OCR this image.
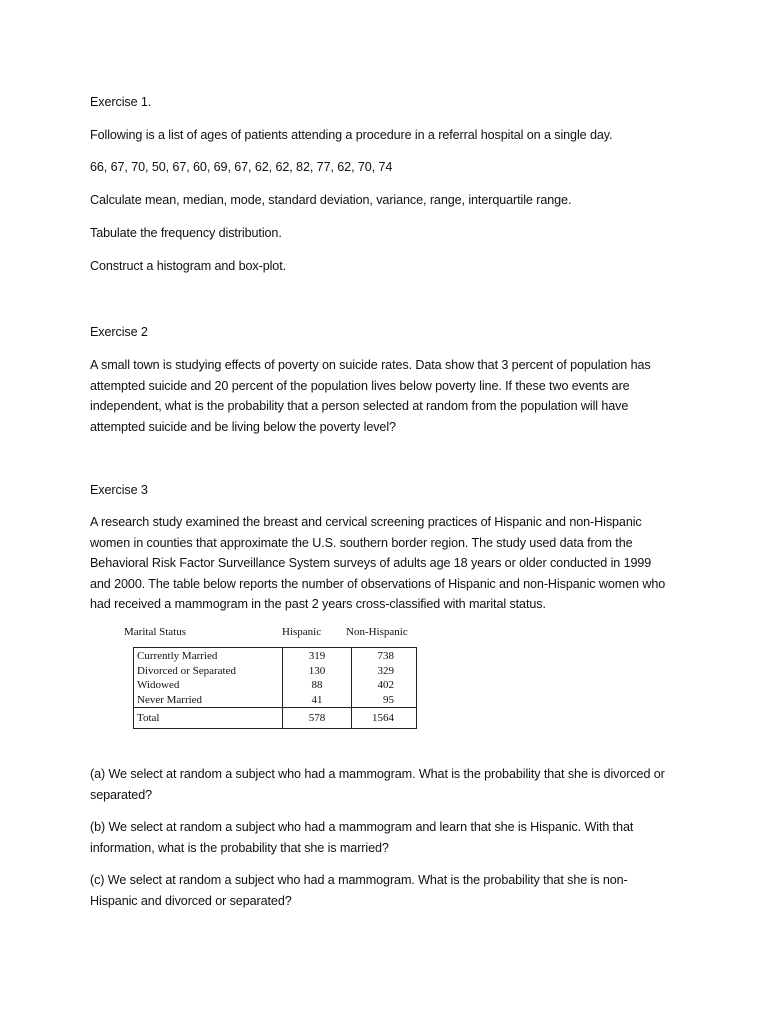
Exercise 1.

Following is a list of ages of patients attending a procedure in a referral hospital on a single day.

66, 67, 70, 50, 67, 60, 69, 67, 62, 62, 82, 77, 62, 70, 74

Calculate mean, median, mode, standard deviation, variance, range, interquartile range.

Tabulate the frequency distribution.

Construct a histogram and box-plot.

Exercise 2

A small town is studying effects of poverty on suicide rates. Data show that 3 percent of population has attempted suicide and 20 percent of the population lives below poverty line. If these two events are independent, what is the probability that a person selected at random from the population will have attempted suicide and be living below the poverty level?

Exercise 3

A research study examined the breast and cervical screening practices of Hispanic and non-Hispanic women in counties that approximate the U.S. southern border region. The study used data from the Behavioral Risk Factor Surveillance System surveys of adults age 18 years or older conducted in 1999 and 2000. The table below reports the number of observations of Hispanic and non-Hispanic women who had received a mammogram in the past 2 years cross-classified with marital status.

Marital Status	Hispanic Non-Hispanic
Currently Married	319	738
Divorced or Separated	130	329
Widowed	88	402
Never Married	41	95
Total	578	1564

(a) We select at random a subject who had a mammogram. What is the probability that she is divorced or separated?

(b) We select at random a subject who had a mammogram and learn that she is Hispanic. With that information, what is the probability that she is married?

(c) We select at random a subject who had a mammogram. What is the probability that she is non-Hispanic and divorced or separated?
